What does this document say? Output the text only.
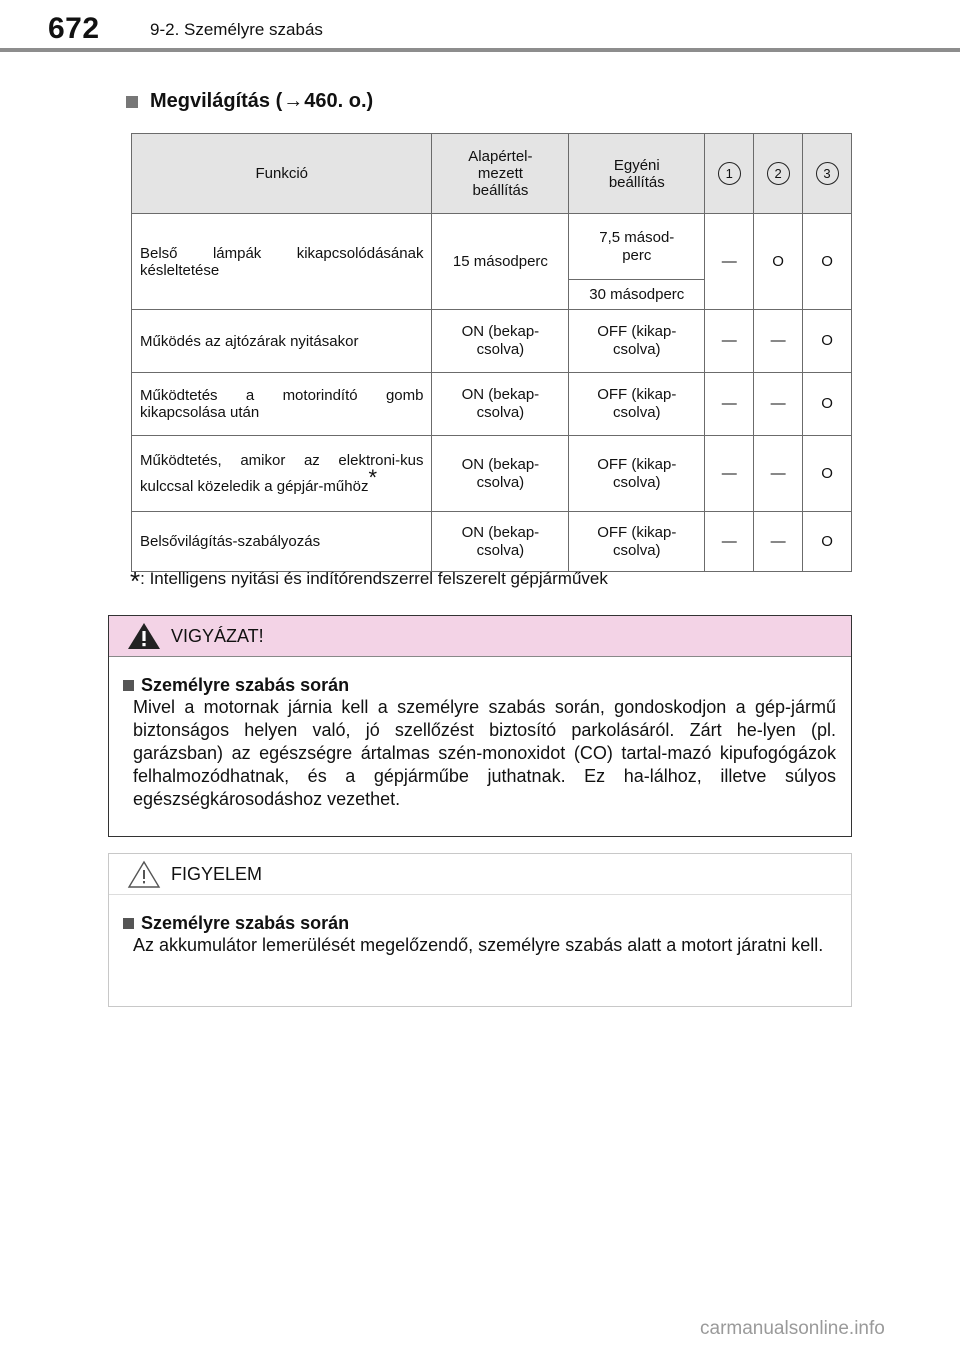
672	9-2. Személyre szabás
Megvilágítás ( → 460. o.)
Funkció	Alapértel-mezett beállítás	Egyéni beállítás	1	2	3
Belső lámpák kikapcsolódásának késleltetése	15 másodperc	7,5 másod-perc	—	O	O
		30 másodperc			
Működés az ajtózárak nyitásakor	ON (bekap-csolva)	OFF (kikap-csolva)	—	—	O
Működtetés a motorindító gomb kikapcsolása után	ON (bekap-csolva)	OFF (kikap-csolva)	—	—	O
Működtetés, amikor az elektroni-kus kulccsal közeledik a gépjár-műhöz*	ON (bekap-csolva)	OFF (kikap-csolva)	—	—	O
Belsővilágítás-szabályozás	ON (bekap-csolva)	OFF (kikap-csolva)	—	—	O
*: Intelligens nyitási és indítórendszerrel felszerelt gépjárművek
VIGYÁZAT!
Személyre szabás során
Mivel a motornak járnia kell a személyre szabás során, gondoskodjon a gép-jármű biztonságos helyen való, jó szellőzést biztosító parkolásáról. Zárt he-lyen (pl. garázsban) az egészségre ártalmas szén-monoxidot (CO) tartal-mazó kipufogógázok felhalmozódhatnak, és a gépjárműbe juthatnak. Ez ha-lálhoz, illetve súlyos egészségkárosodáshoz vezethet.
FIGYELEM
Személyre szabás során
Az akkumulátor lemerülését megelőzendő, személyre szabás alatt a motort járatni kell.
carmanualsonline.info
